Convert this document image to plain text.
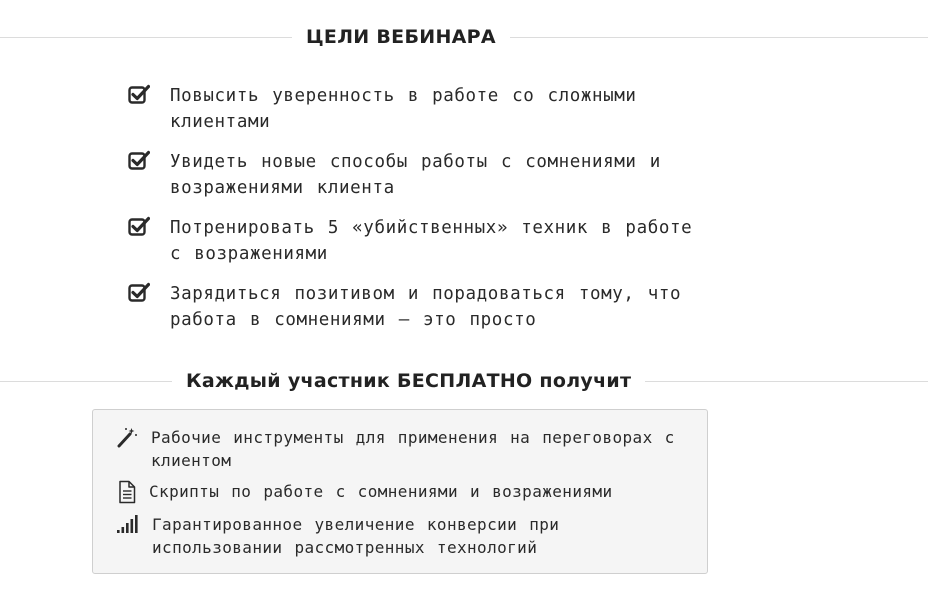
ЦЕЛИ ВЕБИНАРА
Повысить уверенность в работе со сложными клиентами
Увидеть новые способы работы с сомнениями и возражениями клиента
Потренировать 5 «убийственных» техник в работе с возражениями
Зарядиться позитивом и порадоваться тому, что работа в сомнениями – это просто
Каждый участник БЕСПЛАТНО получит
Рабочие инструменты для применения на переговорах с клиентом
Скрипты по работе с сомнениями и возражениями
Гарантированное увеличение конверсии при использовании рассмотренных технологий
